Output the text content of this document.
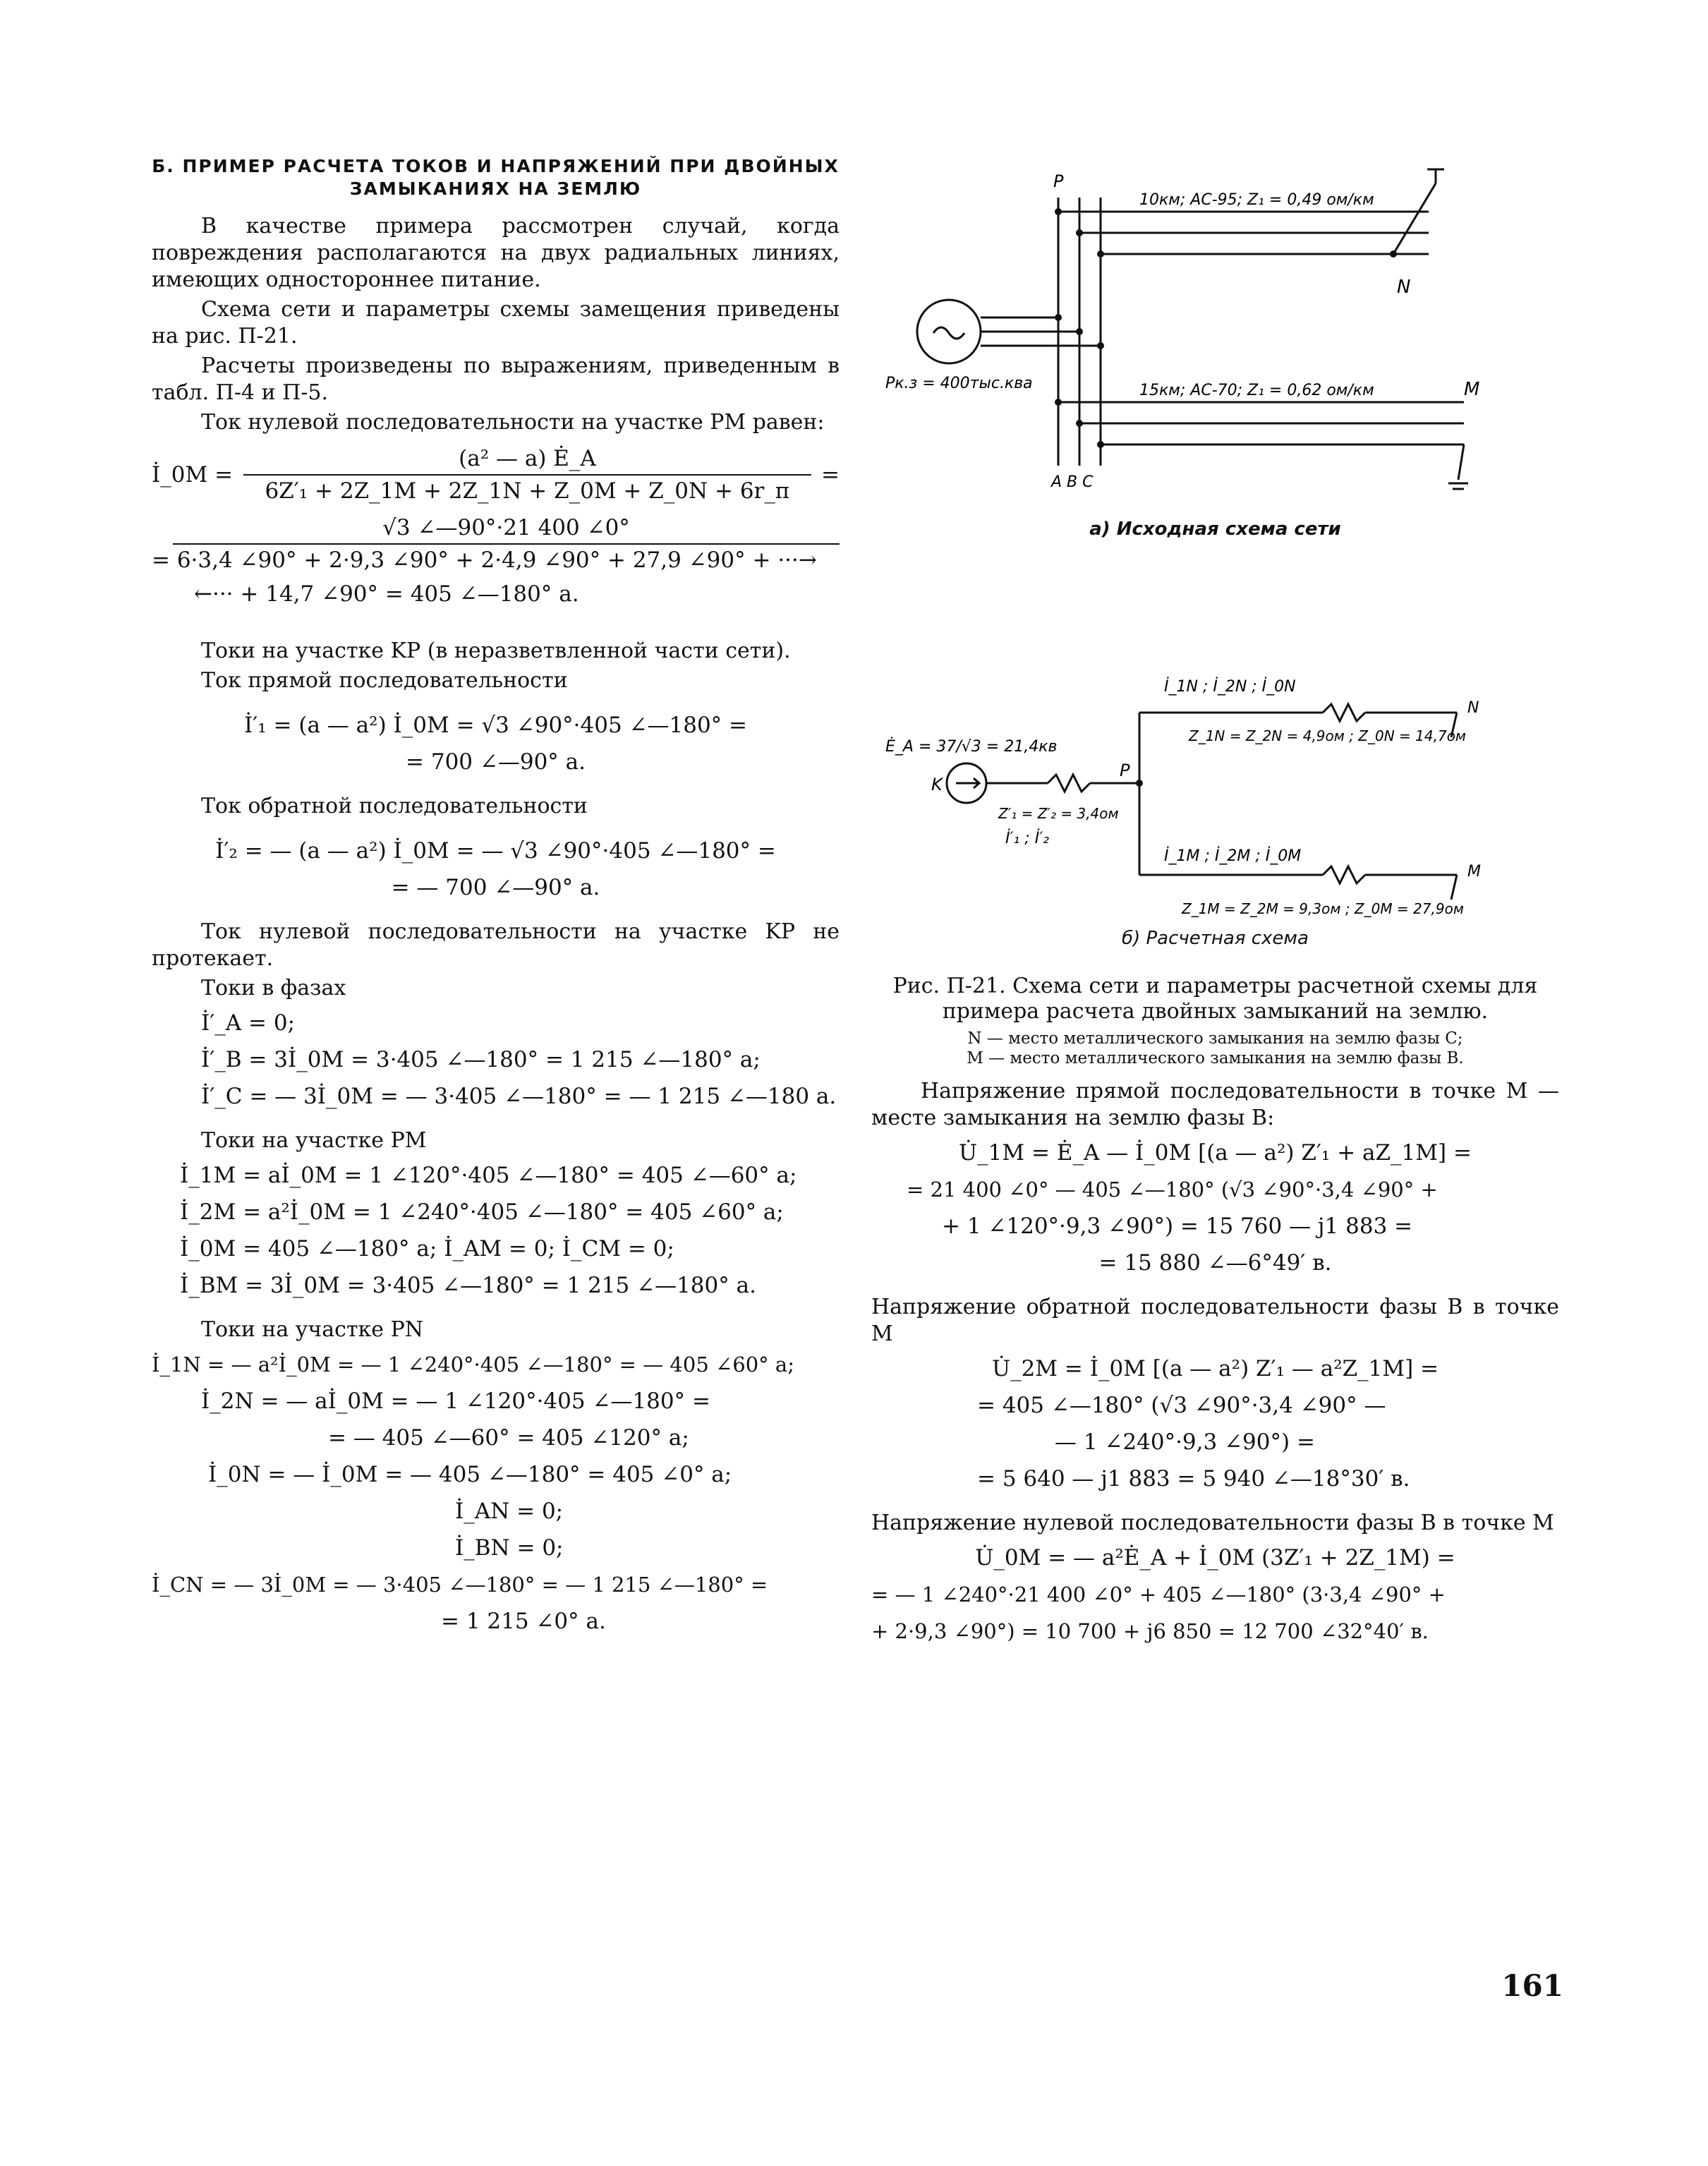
Б. ПРИМЕР РАСЧЕТА ТОКОВ И НАПРЯЖЕНИЙ ПРИ ДВОЙНЫХ ЗАМЫКАНИЯХ НА ЗЕМЛЮ

В качестве примера рассмотрен случай, когда повреждения располагаются на двух радиальных линиях, имеющих одностороннее питание.

Схема сети и параметры схемы замещения приведены на рис. П-21.

Расчеты произведены по выражениям, приведенным в табл. П-4 и П-5.

Ток нулевой последовательности на участке PM равен:

İ_0M =
(a² — a) Ė_A
6Z′₁ + 2Z_1M + 2Z_1N + Z_0M + Z_0N + 6r_п
=
√3 ∠—90°·21 400 ∠0°
= 6·3,4 ∠90° + 2·9,3 ∠90° + 2·4,9 ∠90° + 27,9 ∠90° + ···→
←··· + 14,7 ∠90° = 405 ∠—180° a.

Токи на участке KP (в неразветвленной части сети).

Ток прямой последовательности

İ′₁ = (a — a²) İ_0M = √3 ∠90°·405 ∠—180° =
= 700 ∠—90° a.

Ток обратной последовательности

İ′₂ = — (a — a²) İ_0M = — √3 ∠90°·405 ∠—180° =
= — 700 ∠—90° a.

Ток нулевой последовательности на участке KP не протекает.

Токи в фазах

İ′_A = 0;
İ′_B = 3İ_0M = 3·405 ∠—180° = 1 215 ∠—180° a;
İ′_C = — 3İ_0M = — 3·405 ∠—180° = — 1 215 ∠—180 a.

Токи на участке PM

İ_1M = aİ_0M = 1 ∠120°·405 ∠—180° = 405 ∠—60° a;
İ_2M = a²İ_0M = 1 ∠240°·405 ∠—180° = 405 ∠60° a;
İ_0M = 405 ∠—180° a; İ_AM = 0; İ_CM = 0;
İ_BM = 3İ_0M = 3·405 ∠—180° = 1 215 ∠—180° a.

Токи на участке PN

İ_1N = — a²İ_0M = — 1 ∠240°·405 ∠—180° = — 405 ∠60° a;
İ_2N = — aİ_0M = — 1 ∠120°·405 ∠—180° =
= — 405 ∠—60° = 405 ∠120° a;
İ_0N = — İ_0M = — 405 ∠—180° = 405 ∠0° a;
İ_AN = 0;
İ_BN = 0;
İ_CN = — 3İ_0M = — 3·405 ∠—180° = — 1 215 ∠—180° =
= 1 215 ∠0° a.
P
10км; АС-95; Z₁ = 0,49 ом/км
N
Pк.з = 400тыс.ква	15км; АС-70; Z₁ = 0,62 ом/км	M
A B C
а) Исходная схема сети
Ė_A = 37/√3 = 21,4кв
K
P
Z′₁ = Z′₂ = 3,4ом
İ′₁ ; İ′₂
İ_1N ; İ_2N ; İ_0N
Z_1N = Z_2N = 4,9ом ; Z_0N = 14,7ом
N
İ_1M ; İ_2M ; İ_0M
Z_1M = Z_2M = 9,3ом ; Z_0M = 27,9ом
M
б) Расчетная схема
Рис. П-21. Схема сети и параметры расчетной схемы для примера расчета двойных замыканий на землю.

N — место металлического замыкания на землю фазы C;

M — место металлического замыкания на землю фазы B.

Напряжение прямой последовательности в точке M — месте замыкания на землю фазы B:

U̇_1M = Ė_A — İ_0M [(a — a²) Z′₁ + aZ_1M] =
= 21 400 ∠0° — 405 ∠—180° (√3 ∠90°·3,4 ∠90° +
+ 1 ∠120°·9,3 ∠90°) = 15 760 — j1 883 =
= 15 880 ∠—6°49′ в.

Напряжение обратной последовательности фазы B в точке M

U̇_2M = İ_0M [(a — a²) Z′₁ — a²Z_1M] =
= 405 ∠—180° (√3 ∠90°·3,4 ∠90° —
— 1 ∠240°·9,3 ∠90°) =
= 5 640 — j1 883 = 5 940 ∠—18°30′ в.

Напряжение нулевой последовательности фазы B в точке M

U̇_0M = — a²Ė_A + İ_0M (3Z′₁ + 2Z_1M) =
= — 1 ∠240°·21 400 ∠0° + 405 ∠—180° (3·3,4 ∠90° +
+ 2·9,3 ∠90°) = 10 700 + j6 850 = 12 700 ∠32°40′ в.
161
